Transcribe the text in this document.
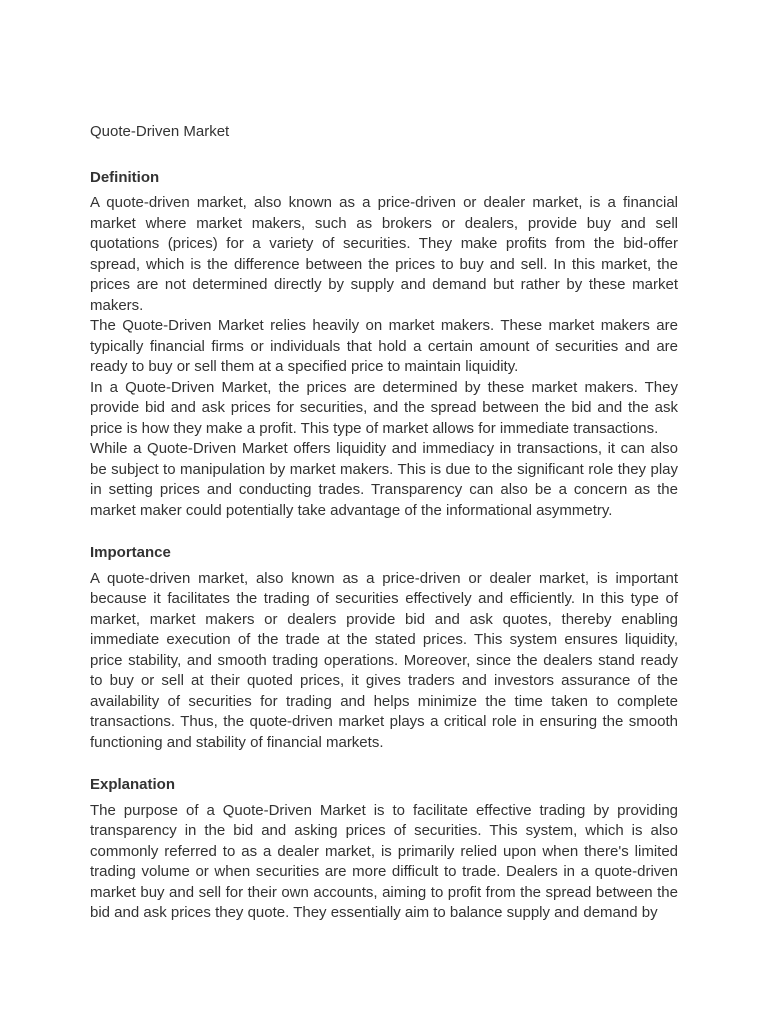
Quote-Driven Market
Definition

A quote-driven market, also known as a price-driven or dealer market, is a financial market where market makers, such as brokers or dealers, provide buy and sell quotations (prices) for a variety of securities. They make profits from the bid-offer spread, which is the difference between the prices to buy and sell. In this market, the prices are not determined directly by supply and demand but rather by these market makers.

The Quote-Driven Market relies heavily on market makers. These market makers are typically financial firms or individuals that hold a certain amount of securities and are ready to buy or sell them at a specified price to maintain liquidity.

In a Quote-Driven Market, the prices are determined by these market makers. They provide bid and ask prices for securities, and the spread between the bid and the ask price is how they make a profit. This type of market allows for immediate transactions.

While a Quote-Driven Market offers liquidity and immediacy in transactions, it can also be subject to manipulation by market makers. This is due to the significant role they play in setting prices and conducting trades. Transparency can also be a concern as the market maker could potentially take advantage of the informational asymmetry.

Importance

A quote-driven market, also known as a price-driven or dealer market, is important because it facilitates the trading of securities effectively and efficiently. In this type of market, market makers or dealers provide bid and ask quotes, thereby enabling immediate execution of the trade at the stated prices. This system ensures liquidity, price stability, and smooth trading operations. Moreover, since the dealers stand ready to buy or sell at their quoted prices, it gives traders and investors assurance of the availability of securities for trading and helps minimize the time taken to complete transactions. Thus, the quote-driven market plays a critical role in ensuring the smooth functioning and stability of financial markets.

Explanation

The purpose of a Quote-Driven Market is to facilitate effective trading by providing transparency in the bid and asking prices of securities. This system, which is also commonly referred to as a dealer market, is primarily relied upon when there's limited trading volume or when securities are more difficult to trade. Dealers in a quote-driven market buy and sell for their own accounts, aiming to profit from the spread between the bid and ask prices they quote. They essentially aim to balance supply and demand by
